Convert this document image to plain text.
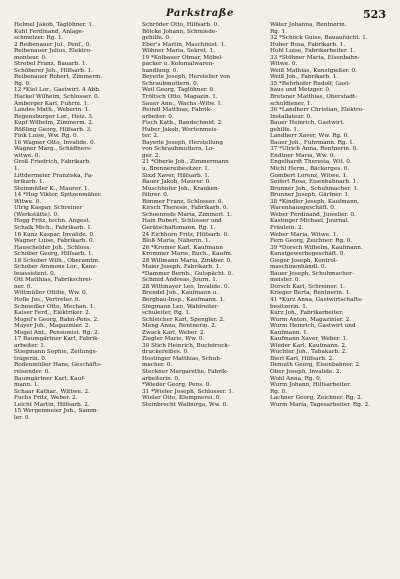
Parkstraße	523

Helmel Jakob, Taglöhner. 1.

Kuhl Ferdinand, Anlage-

schmelzer. Rg. 1.

2 Reibenauer Jul., Penf., 0.

Reibenauer Julius, Elektro-

monteur. 0.

Strobel Franz, Bauarb. 1.

Schöberer Joh., Hilfsarb. 1.

Reibenauer Robert, Zimmerm.

Rg. 0.

12 *Kiel Lor., Gastwirt. 4 Abb.

Hackel Wilhelm, Schlosser. 0.

Amberger Karl, Fuhrm. 1.

Landes Math., Weberin. 1.

Regensburger Lor., Heiz. 3.

Kupf Wilhelm, Zimmerm. 2.

Rößling Georg, Hilfsarb. 3.

Fink Luise, Ww. Rg. 0.

16 Wagner Otto, Invalide. 0.

Wagner Marg., Schäffners-

witwe. 0.

Groß Friedrich, Fabrikarb.

1.

Littdermeier Franziska, Fa-

brikarb. 1.

Steinmüller K., Maurer. 1.

14 *Hog Viktor, Spitzenmäher.

Witwe. 0.

Ulrig Kaspar, Schreiner

(Werkstätte). 0.

Hogg Fritz, techn. Angest.

Schalk Mich., Fabrikarb. 1.

16 Kunz Kaspar, Invalide. 0.

Wagner Luise, Fabrikarb. 0.

Hauschelder Joh., Schloss.

Schober Georg, Hilfsarb. 1.

18 Schober Wilh., Oberamtm.

Schober Ammons Lor., Kanz-

leiassistent. 0.

Ott Matthias, Fabrikschrei-

ner. 0.

Wittmüller Ottilie, Ww. 0.

Hofle Jos., Vertreter. 0.

Schmedler Otto, Mechan. 1.

Kaiser Ferd., Elektriker. 2.

Mogel's Georg, Bahn-Pens. 2.

Mayer Joh., Magazinier. 2.

Mogel Ant., Pensionist. Rg. 2.

17 Baumgärtner Karl, Fabrik-

arbeiter. 1.

Stiegmann Sophie, Zeitungs-

trägerin. 0.

Rodenmüller Hans, Geschäfts-

reisender. 0.

Baumgärtner Karl, Kauf-

mann. 1.

Schaar Kathar., Wittwe. 2.

Fuchs Fritz, Weber. 2.

Leicht Martin, Hilfsarb. 2.

15 Wergenmeier Joh., Samm-

ler. 0.

Schröder Otto, Hilfsarb. 0.

Bölcke Johann, Schmiede-

gehilfe. 0.

Eber's Martin, Maschinist. 1.

Wöhner Maria, Sekret. 1.

19 *Kolbauer Otmar, Möbel-

packer u. Kolonialwaren-

handlung. 0.

Beyerle Joseph, Hersteller von

Schraubmuttern. 0.

Weil Georg, Taglöhner. 0.

Tröltsch Otto, Magazin. 1.

Sauer Ann., Wachs.-Witw. 1.

Reindl Matthias, Fabrik-

arbeiter. 0.

Fisch Kath., Bandschmid. 2.

Huber Jakob, Wortenmeis-

ter. 2.

Bayerle Joseph, Herstellung

von Schraubmuttern, Lo-

ger. 2.

21 *Oberle Joh., Zimmermann

u. Brennereibesitzer. 1.

Sixzl Xaver, Hilfsarb. 1.

Bauer Jakob, Maurer. 0.

Muschhofer Joh., Kranken-

führer. 0.

Bimmer Franz, Schlosser. 0.

Kirsch Theresie, Fabrikarb. 0.

Schoenreds Maria, Zimmerl. 1.

Hain Robert, Schlosser und

Gerätschaftsmann. Rg. 1.

24 Eichhorn Fritz, Hilfsarb. 0.

Bloß Maria, Näherin. 1.

26 *Kromer Karl, Kaufmann

Krommer Marie, Buch., Kaufm.

28 Willmann Maria, Zinkber. 0.

Maier Joseph, Fabrikarb. 1.

*Dammer Bernh., Gutspächt. 0.

Schmid Andreas, Journ. 1.

28 Wittmayer Leo, Invalide. 0.

Brendel Joh., Kaufmann u.

Bergbau-Insp., Kaufmann. 1.

Siegmann Leo, Wahlreiter-

schuleiter, Rg. 1.

Schleicher Karl, Spengler. 2.

Meng Anna, Rentnerin. 2.

Zwack Karl, Weber. 2.

Ziegler Marie, Ww. 0.

30 Stich Heinrich, Buchdruck-

druckereibes. 0.

Hostinger Matthias, Schuh-

macher. 0.

Steckner Margarethe, Fabrik-

arbeiterin. 0.

*Wieder Georg, Pens. 0.

31 *Wieler Joseph, Schlosser. 1.

Wieler Otto, Klempnerei. 0.

Steinbrecht Walburga, Ww. 0.

Wäter Johanna, Rentnerin.

Rg. 1.

32 *Schöck Guise, Bauaufsicht. 1.

Huber Rosa, Fabrikarb. 1.

Hohl Luise, Fabrikarbeiter. 1.

33 *Stöhner Maria, Eisenbahn-

Witwe. 0.

Weiß Mathias, Kunstgießer. 0.

Weiß Joh., Fabrikarb. 1.

35 *Rehrhofer Rudolf, Gast-

haus und Metzger. 0.

Bretsner Matthias, Oberstadt-

schuldiener. 1.

36 *Landherr Christian, Elektro-

Installateur. 0.

Bauer Heinrich, Gastwirt.

gehilfe. 1.

Landherr Xaver, Ww. Rg. 0.

Bauer Joh., Fuhrmann. Rg. 1.

37 *Ulrich Anna, Rentnerin. 0.

Endtner Maria, Ww. 0.

Engelhardt Theresia, Wit. 0.

Michl Herm., Bäckerges. 0.

Gombert Lorenz, Witwe. 1.

Seifert Rosa, Eisenbahnarb. 1.

Brunner Joh., Schuhmacher. 1.

Brunner Joseph, Gärtner. 1.

38 *Kindler Joseph, Kaufmann,

Warenhausgeschäft. 0.

Weber Ferdinand, Juwelier. 0.

Kastinger Michael, Journal.

Fräulein. 2.

Weber Maria, Witwe. 1.

Fern Georg, Zeichner. Rg. 0.

39 *Dorsch Wilhelm, Kaufmann.

Kunstgewerbegeschäft. 0.

Gieger Joseph, Kontrol-

maschinenhändl. 0.

Bauer Joseph, Schuhmacher-

meister. 0.

Dorsch Karl, Schreiner. 1.

Krieger Berta, Rentnerin. 1.

41 *Kurz Anna, Gastwirtschafts-

besitzerin. 1.

Kurz Joh., Fabrikarbeiter.

Wurm Anton, Magazinier. 2.

Wurm Heinrich, Gastwirt und

Kaufmann. 1.

Kaufmann Xaver, Weber. 1.

Wieder Karl, Kaufmann. 2.

Wuchter Joh., Tabakarb. 2.

Bierl Karl, Hilfsarb. 2.

Demuth Georg, Eisenbahner. 2.

Ober Joseph, Invalide. 2.

Wohl Anna, Rg. 0.

Wurm Johann, Hilfsarbeiter.

Rg. 0.

Lachner Georg, Zeichner. Rg. 2.

Wurm Maria, Tagesarbeiter. Rg. 2.
